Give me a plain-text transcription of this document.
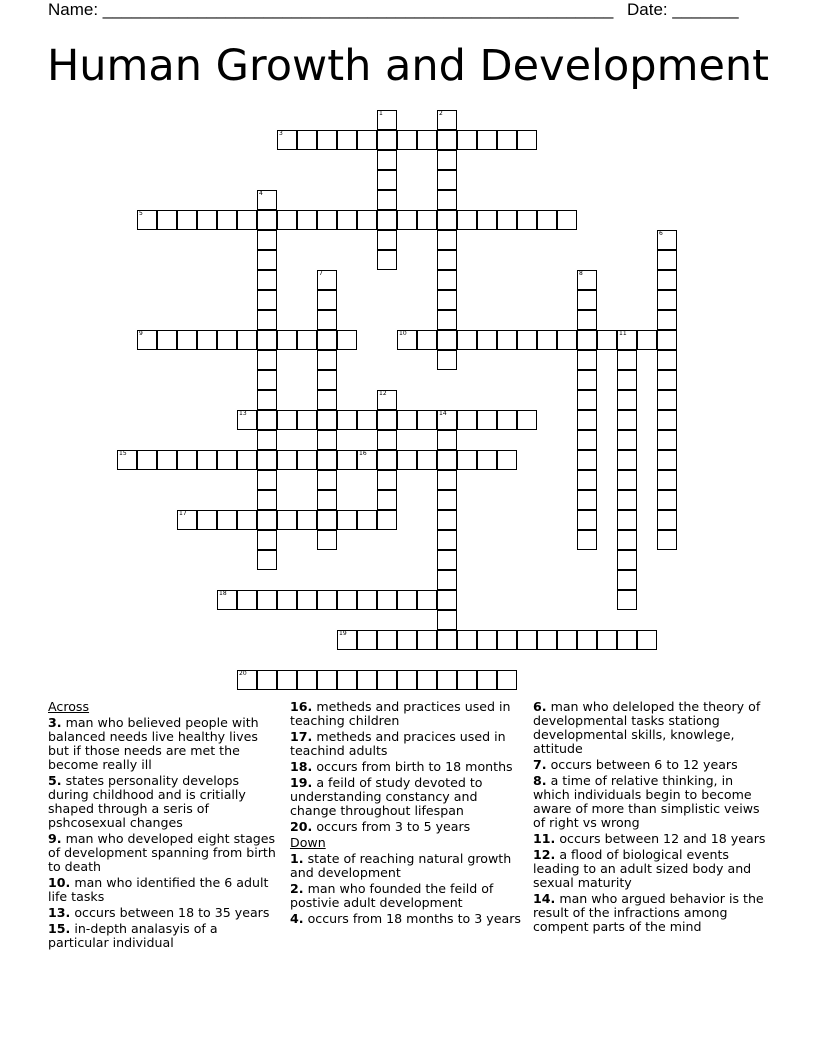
Name: ______________________________________________________ Date: _______
Human Growth and Development
1	2
3
4
5
6
7	8
9	10	11
12
13	14
15	16
17
18
19
20
Across
3. man who believed people with balanced needs live healthy lives but if those needs are met the become really ill
5. states personality develops during childhood and is critially shaped through a seris of pshcosexual changes
9. man who developed eight stages of development spanning from birth to death
10. man who identified the 6 adult life tasks
13. occurs between 18 to 35 years
15. in-depth analasyis of a particular individual
16. metheds and practices used in teaching children
17. metheds and pracices used in teachind adults
18. occurs from birth to 18 months
19. a feild of study devoted to understanding constancy and change throughout lifespan
20. occurs from 3 to 5 years
Down
1. state of reaching natural growth and development
2. man who founded the feild of postivie adult development
4. occurs from 18 months to 3 years
6. man who deleloped the theory of developmental tasks stationg developmental skills, knowlege, attitude
7. occurs between 6 to 12 years
8. a time of relative thinking, in which individuals begin to become aware of more than simplistic veiws of right vs wrong
11. occurs between 12 and 18 years
12. a flood of biological events leading to an adult sized body and sexual maturity
14. man who argued behavior is the result of the infractions among compent parts of the mind
